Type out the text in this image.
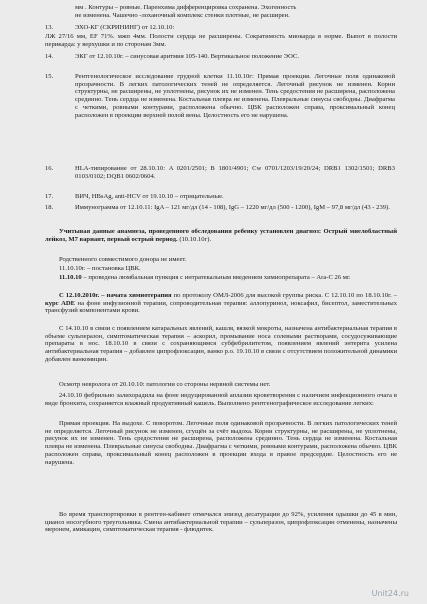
мм . Контуры – ровные. Паренхима дифференцировка сохранена. Эхогенность
не изменена. Чашечно -лоханочный комплекс стенки плотные, не расширен.
13.	ЭХО-КГ (СКРИНИНГ) от 12.10.10:
ЛЖ 27/16 мм, EF 71%. мжп 4мм. Полости сердца не расширены. Сократимость миокарда в норме. Выпот в полости перикарда: у верхушки и по сторонам 3мм.
14.	ЭКГ от 12.10.10г. – синусовая аритмия 105-140. Вертикальное положение ЭОС.
15.	Рентгенологическое исследование грудной клетки 11.10.10г: Прямая проекция. Легочные поля одинаковой прозрачности. В легких патологических теней не определяется. Легочный рисунок не изменен. Корни структурны, не расширены, не уплотнены, рисунок их не изменен. Тень средостения не расширена, расположена срединно. Тень сердца не изменена. Костальная плевра не изменена. Плевральные синусы свободны. Диафрагма с четкими, ровными контурами, расположена обычно. ЦВК расположен справа, проксимальный конец расположен в проекции верхней полой вены. Целостность его не нарушена.
16.	HLA-типирование от 28.10.10: A 0201/2501; B 1801/4901; Cw 0701/1203/19/20/24; DRB1 1302/1501; DRB3 0103/0102; DQB1 0602/0604.
17.	ВИЧ, HBsAg, anti-HCV от 19.10.10 – отрицательные.
18.	Иммунограмма от 12.10.11: IgA – 121 мг/дл (14 - 108), IgG – 1220 мг/дл (500 - 1200), IgM – 97,8 мг/дл (43 - 239).
Учитывая данные анамнеза, проведенного обследования ребенку установлен диагноз: Острый миелобластный лейкоз, М7 вариант, первый острый период. (10.10.10г).
Родственного совместимого донора не имеет.
11.10.10г. – постановка ЦВК.
11.10.10 – проведена люмбальная пункция с интратекальным введением химиопрепарата – Ara-C 26 мг.
С 12.10.2010г. – начата химиотерапия по протоколу ОМЛ-2006 для высокой группы риска. С 12.10.10 по 18.10.10г. – курс ADE на фоне инфузионной терапии, сопроводительная терапия: аллопуринол, ноксафил, бисептол, заместительных трансфузий компонентами крови.
С 14.10.10 в связи с появлением катаральных явлений, кашля, вязкой мокроты, назначена антибактериальная терапия в объеме сульперазон, симптоматическая терапия – аскорил, промывание носа солевыми растворами, сосудосуживающие препараты в нос. 18.10.10 в связи с сохраняющимся субфебрилитетом, появлением явлений энтерита усилена антибактериальная терапия – добавлен ципрофлоксацин, ванко р.о. 19.10.10 в связи с отсутствием положительной динамики добавлен ванкомицин.
Осмотр невролога от 20.10.10: патологии со стороны нервной системы нет.
24.10.10 фебрильно залихорадила на фоне индуцированной аплазии кроветворения с наличием инфекционного очага в виде бронхита, сохраняется влажный продуктивный кашель. Выполнено рентгенографическое исследование легких:
Прямая проекция. На выдохе. С поворотом. Легочные поля одинаковой прозрачности. В легких патологических теней не определяется. Легочный рисунок не изменен, сгущён за счёт выдоха. Корни структурны, не расширены, не уплотнены, рисунок их не изменен. Тень средостения не расширена, расположена срединно. Тень сердца не изменена. Костальная плевра не изменена. Плевральные синусы свободны. Диафрагма с четкими, ровными контурами, расположена обычно. ЦВК расположен справа, проксимальный конец расположен в проекции входа в правое предсердие. Целостность его не нарушена.
Во время транспортировки в рентген-кабинет отмечался эпизод десатурации до 92%, усиления одышки до 45 в мин, цианоз носогубного треугольника. Смена антибактериальной терапии – сульперазон, ципрофлоксацин отменены, назначены меронем, амикацин, симптоматическая терапия - флюдитек.
Unit24.ru
